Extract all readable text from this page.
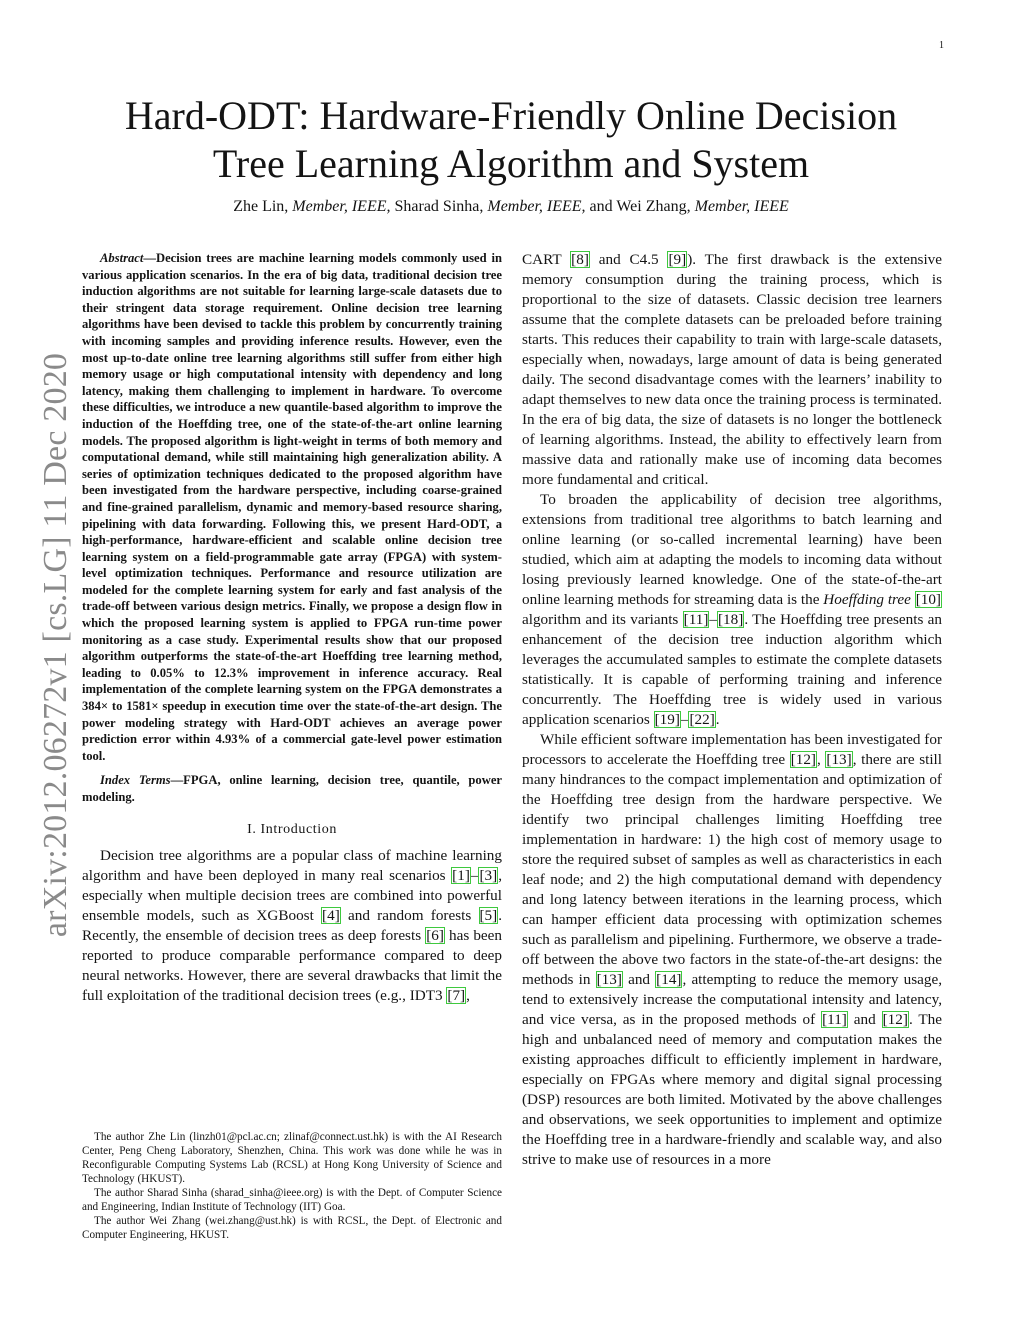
1
arXiv:2012.06272v1 [cs.LG] 11 Dec 2020
Hard-ODT: Hardware-Friendly Online Decision
Tree Learning Algorithm and System
Zhe Lin, Member, IEEE, Sharad Sinha, Member, IEEE, and Wei Zhang, Member, IEEE

Abstract—Decision trees are machine learning models commonly used in various application scenarios. In the era of big data, traditional decision tree induction algorithms are not suitable for learning large-scale datasets due to their stringent data storage requirement. Online decision tree learning algorithms have been devised to tackle this problem by concurrently training with incoming samples and providing inference results. However, even the most up-to-date online tree learning algorithms still suffer from either high memory usage or high computational intensity with dependency and long latency, making them challenging to implement in hardware. To overcome these difficulties, we introduce a new quantile-based algorithm to improve the induction of the Hoeffding tree, one of the state-of-the-art online learning models. The proposed algorithm is light-weight in terms of both memory and computational demand, while still maintaining high generalization ability. A series of optimization techniques dedicated to the proposed algorithm have been investigated from the hardware perspective, including coarse-grained and fine-grained parallelism, dynamic and memory-based resource sharing, pipelining with data forwarding. Following this, we present Hard-ODT, a high-performance, hardware-efficient and scalable online decision tree learning system on a field-programmable gate array (FPGA) with system-level optimization techniques. Performance and resource utilization are modeled for the complete learning system for early and fast analysis of the trade-off between various design metrics. Finally, we propose a design flow in which the proposed learning system is applied to FPGA run-time power monitoring as a case study. Experimental results show that our proposed algorithm outperforms the state-of-the-art Hoeffding tree learning method, leading to 0.05% to 12.3% improvement in inference accuracy. Real implementation of the complete learning system on the FPGA demonstrates a 384× to 1581× speedup in execution time over the state-of-the-art design. The power modeling strategy with Hard-ODT achieves an average power prediction error within 4.93% of a commercial gate-level power estimation tool.

Index Terms—FPGA, online learning, decision tree, quantile, power modeling.

I. Introduction

Decision tree algorithms are a popular class of machine learning algorithm and have been deployed in many real scenarios [1]–[3], especially when multiple decision trees are combined into powerful ensemble models, such as XGBoost [4] and random forests [5]. Recently, the ensemble of decision trees as deep forests [6] has been reported to produce comparable performance compared to deep neural networks. However, there are several drawbacks that limit the full exploitation of the traditional decision trees (e.g., IDT3 [7],

The author Zhe Lin (linzh01@pcl.ac.cn; zlinaf@connect.ust.hk) is with the AI Research Center, Peng Cheng Laboratory, Shenzhen, China. This work was done while he was in Reconfigurable Computing Systems Lab (RCSL) at Hong Kong University of Science and Technology (HKUST).

The author Sharad Sinha (sharad_sinha@ieee.org) is with the Dept. of Computer Science and Engineering, Indian Institute of Technology (IIT) Goa.

The author Wei Zhang (wei.zhang@ust.hk) is with RCSL, the Dept. of Electronic and Computer Engineering, HKUST.

CART [8] and C4.5 [9]). The first drawback is the extensive memory consumption during the training process, which is proportional to the size of datasets. Classic decision tree learners assume that the complete datasets can be preloaded before training starts. This reduces their capability to train with large-scale datasets, especially when, nowadays, large amount of data is being generated daily. The second disadvantage comes with the learners’ inability to adapt themselves to new data once the training process is terminated. In the era of big data, the size of datasets is no longer the bottleneck of learning algorithms. Instead, the ability to effectively learn from massive data and rationally make use of incoming data becomes more fundamental and critical.

To broaden the applicability of decision tree algorithms, extensions from traditional tree algorithms to batch learning and online learning (or so-called incremental learning) have been studied, which aim at adapting the models to incoming data without losing previously learned knowledge. One of the state-of-the-art online learning methods for streaming data is the Hoeffding tree [10] algorithm and its variants [11]–[18]. The Hoeffding tree presents an enhancement of the decision tree induction algorithm which leverages the accumulated samples to estimate the complete datasets statistically. It is capable of performing training and inference concurrently. The Hoeffding tree is widely used in various application scenarios [19]–[22].

While efficient software implementation has been investigated for processors to accelerate the Hoeffding tree [12], [13], there are still many hindrances to the compact implementation and optimization of the Hoeffding tree design from the hardware perspective. We identify two principal challenges limiting Hoeffding tree implementation in hardware: 1) the high cost of memory usage to store the required subset of samples as well as characteristics in each leaf node; and 2) the high computational demand with dependency and long latency between iterations in the learning process, which can hamper efficient data processing with optimization schemes such as parallelism and pipelining. Furthermore, we observe a trade-off between the above two factors in the state-of-the-art designs: the methods in [13] and [14], attempting to reduce the memory usage, tend to extensively increase the computational intensity and latency, and vice versa, as in the proposed methods of [11] and [12]. The high and unbalanced need of memory and computation makes the existing approaches difficult to efficiently implement in hardware, especially on FPGAs where memory and digital signal processing (DSP) resources are both limited. Motivated by the above challenges and observations, we seek opportunities to implement and optimize the Hoeffding tree in a hardware-friendly and scalable way, and also strive to make use of resources in a more
